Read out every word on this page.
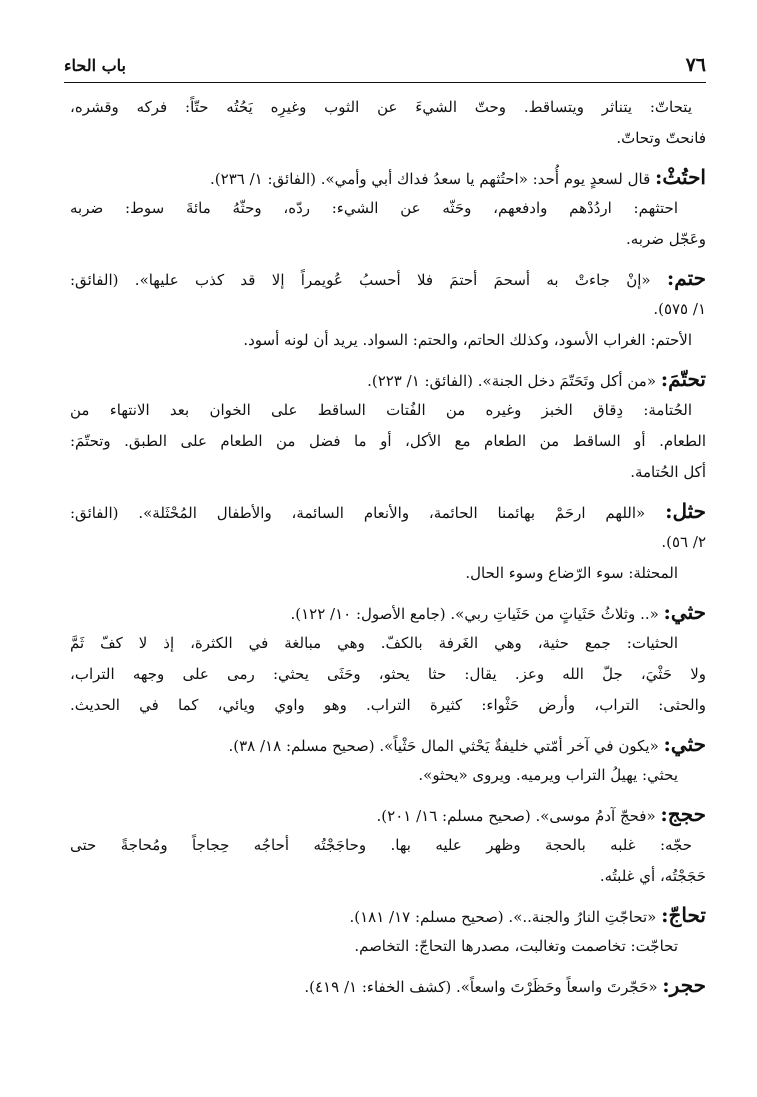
باب الحاء	٧٦
يتحاتّ: يتناثر ويتساقط. وحتّ الشيءَ عن الثوب وغيرِه يَحُتُه حتّاً: فركه وقشره،
فانحتّ وتحاتّ.
احتُثْ: قال لسعدٍ يوم أُحد: «احتُثهم يا سعدُ فداك أبي وأمي». (الفائق: ١/ ٢٣٦).
احتثهم: اردُدْهم وادفعهم، وحَثّه عن الشيء: ردّه، وحثّهُ مائةَ سوط: ضربه
وعَجّل ضربه.
حتم: «إنْ جاءتْ به أسحمَ أحتمَ فلا أحسبُ عُويمراً إلا قد كذب عليها». (الفائق:
١/ ٥٧٥).
الأحتم: الغراب الأسود، وكذلك الحاتم، والحتم: السواد. يريد أن لونه أسود.
تحتّمَ: «من أكل وتَحَتّمَ دخل الجنة». (الفائق: ١/ ٢٢٣).
الحُتامة: دِقاق الخبز وغيره من الفُتات الساقط على الخوان بعد الانتهاء من
الطعام. أو الساقط من الطعام مع الأكل، أو ما فضل من الطعام على الطبق. وتحتّمَ:
أكل الحُتامة.
حثل: «اللهم ارحَمْ بهائمنا الحائمة، والأنعام السائمة، والأطفال المُحْثَلة». (الفائق:
٢/ ٥٦).
المحثلة: سوء الرّضاع وسوء الحال.
حثي: «.. وثلاثُ حَثَياتٍ من حَثَياتِ ربي». (جامع الأصول: ١٠/ ١٢٢).
الحثيات: جمع حثية، وهي الغَرفة بالكفّ. وهي مبالغة في الكثرة، إذ لا كفّ ثَمَّ
ولا حَثْيَ، جلّ الله وعز. يقال: حثا يحثو، وحَثَى يحثي: رمى على وجهه التراب،
والحثى: التراب، وأرض حَثْواء: كثيرة التراب. وهو واوي ويائي، كما في الحديث.
حثي: «يكون في آخر أمّتي خليفةٌ يَحْثي المال حَثْياً». (صحيح مسلم: ١٨/ ٣٨).
يحثي: يهيلُ التراب ويرميه. ويروى «يحثو».
حجج: «فحجّ آدمُ موسى». (صحيح مسلم: ١٦/ ٢٠١).
حجّه: غلبه بالحجة وظهر عليه بها. وحاجَجْتُه أحاجُه حِجاجاً ومُحاجةً حتى
حَجَجْتُه، أي غلبتُه.
تحاجّ: «تحاجّتِ النارُ والجنة..». (صحيح مسلم: ١٧/ ١٨١).
تحاجّت: تخاصمت وتغالبت، مصدرها التحاجّ: التخاصم.
حجر: «حَجّرتَ واسعاً وحَظَرْتَ واسعاً». (كشف الخفاء: ١/ ٤١٩).
